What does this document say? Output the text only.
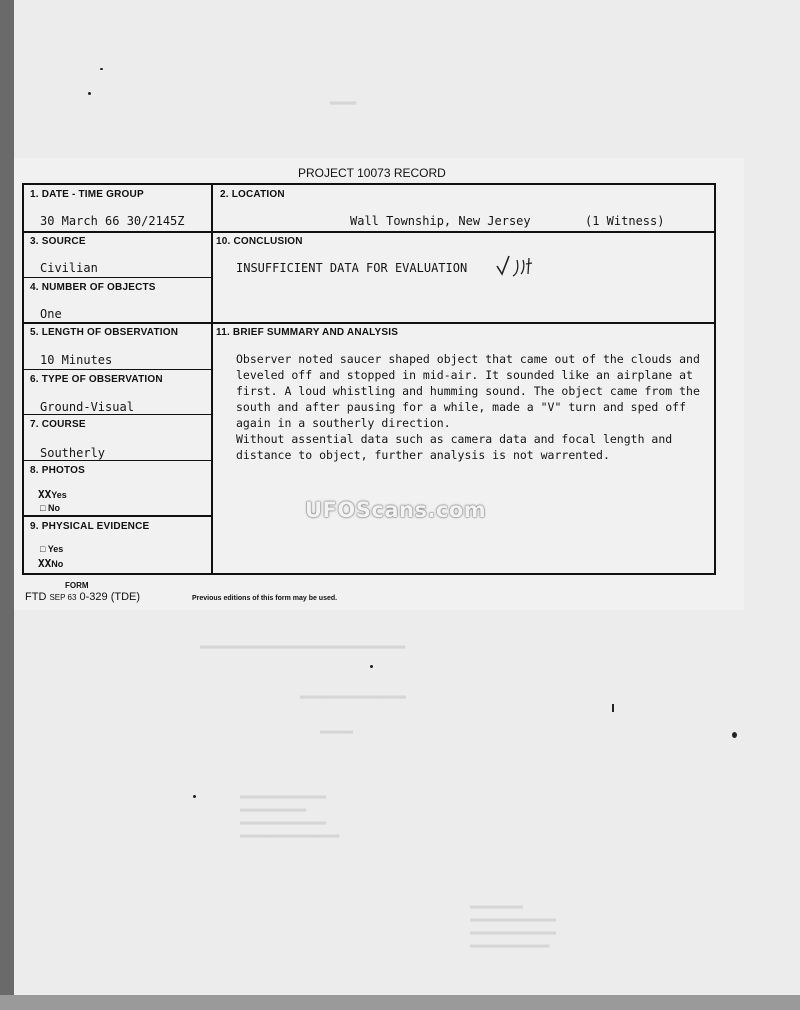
▬▬▬▬
▬▬▬▬▬▬▬▬▬▬▬▬▬▬▬▬▬▬▬▬▬▬▬▬▬▬▬▬▬▬▬
▬▬▬▬▬▬▬▬▬▬▬▬▬▬▬▬
▬▬▬▬▬
▬▬▬▬▬▬▬▬▬▬▬▬▬
▬▬▬▬▬▬▬▬▬▬
▬▬▬▬▬▬▬▬▬▬▬▬▬
▬▬▬▬▬▬▬▬▬▬▬▬▬▬▬
▬▬▬▬▬▬▬▬
▬▬▬▬▬▬▬▬▬▬▬▬▬
▬▬▬▬▬▬▬▬▬▬▬▬▬
▬▬▬▬▬▬▬▬▬▬▬▬
PROJECT 10073 RECORD
1. DATE - TIME GROUP
30 March 66 30/2145Z
2. LOCATION
Wall Township, New Jersey	(1 Witness)
3. SOURCE
Civilian
10. CONCLUSION
INSUFFICIENT DATA FOR EVALUATION
4. NUMBER OF OBJECTS
One
5. LENGTH OF OBSERVATION
10 Minutes
11. BRIEF SUMMARY AND ANALYSIS

Observer noted saucer shaped object that came out of the clouds and leveled off and stopped in mid-air. It sounded like an airplane at first. A loud whistling and humming sound. The object came from the south and after pausing for a while, made a "V" turn and sped off again in a southerly direction.

Without assential data such as camera data and focal length and distance to object, further analysis is not warrented.

6. TYPE OF OBSERVATION
Ground-Visual
7. COURSE
Southerly
8. PHOTOS
XXYes
□ No
9. PHYSICAL EVIDENCE
□ Yes
XXNo
UFOScans.com
FORM
FTD SEP 63 0-329 (TDE)	Previous editions of this form may be used.
